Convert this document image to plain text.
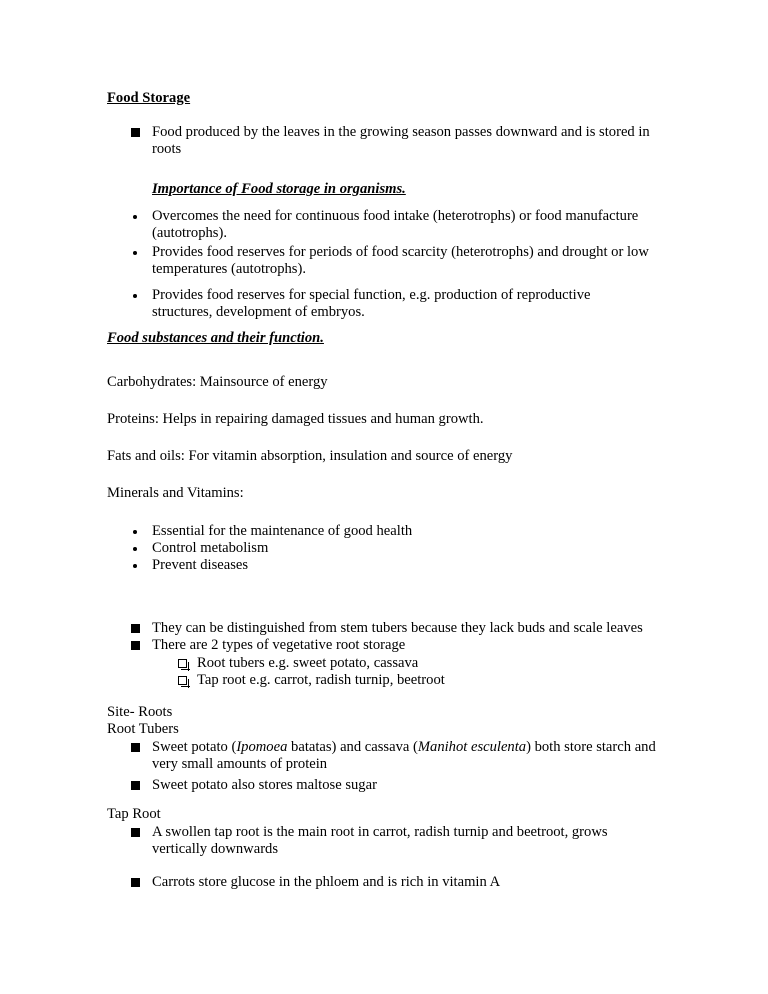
Food Storage
Food produced by the leaves in the growing season passes downward and is stored in roots
Importance of Food storage in organisms.
Overcomes the need for continuous food intake (heterotrophs) or food manufacture (autotrophs).
Provides food reserves for periods of food scarcity (heterotrophs) and drought or low temperatures (autotrophs).
Provides food reserves for special function, e.g. production of reproductive structures, development of embryos.
Food substances and their function.
Carbohydrates: Mainsource of energy
Proteins: Helps in repairing damaged tissues and human growth.
Fats and oils: For vitamin absorption, insulation and source of energy
Minerals and Vitamins:
Essential for the maintenance of good health
Control metabolism
Prevent diseases
They can be distinguished from stem tubers because they lack buds and scale leaves
There are 2 types of vegetative root storage
Root tubers e.g. sweet potato, cassava
Tap root e.g. carrot, radish turnip, beetroot
Site- Roots
Root Tubers
Sweet potato (Ipomoea batatas) and cassava (Manihot esculenta) both store starch and very small amounts of protein
Sweet potato also stores maltose sugar
Tap Root
A swollen tap root is the main root in carrot, radish turnip and beetroot, grows vertically downwards
Carrots store glucose in the phloem and is rich in vitamin A
